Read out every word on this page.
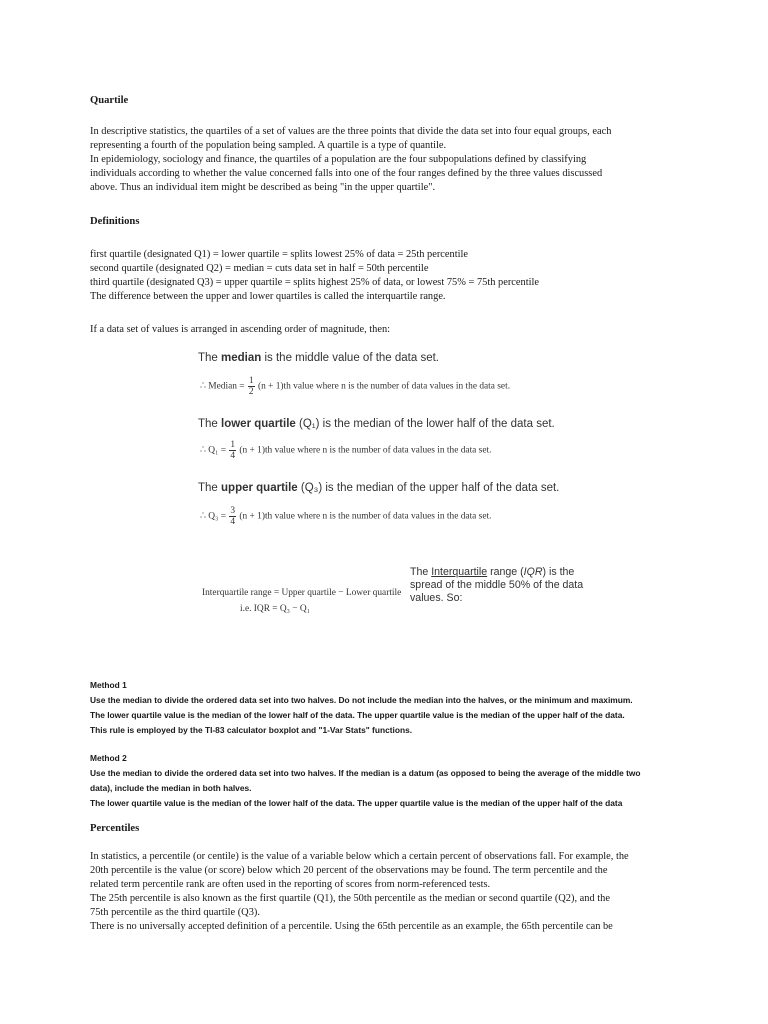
Quartile
In descriptive statistics, the quartiles of a set of values are the three points that divide the data set into four equal groups, each
representing a fourth of the population being sampled. A quartile is a type of quantile.
In epidemiology, sociology and finance, the quartiles of a population are the four subpopulations defined by classifying
individuals according to whether the value concerned falls into one of the four ranges defined by the three values discussed
above. Thus an individual item might be described as being "in the upper quartile".
Definitions
first quartile (designated Q1) = lower quartile = splits lowest 25% of data = 25th percentile
second quartile (designated Q2) = median = cuts data set in half = 50th percentile
third quartile (designated Q3) = upper quartile = splits highest 25% of data, or lowest 75% = 75th percentile
The difference between the upper and lower quartiles is called the interquartile range.
If a data set of values is arranged in ascending order of magnitude, then:
The median is the middle value of the data set.
∴ Median = $\frac{1}{2} (n + 1)th$ value where n is the number of data values in the data set.
The lower quartile (Q₁) is the median of the lower half of the data set.
∴ $Q_1 = \frac{1}{4} (n + 1)th$ value where n is the number of data values in the data set.
The upper quartile (Q₃) is the median of the upper half of the data set.
∴ $Q_3 = \frac{3}{4} (n + 1)th$ value where n is the number of data values in the data set.
Interquartile range = Upper quartile − Lower quartile
i.e. IQR = Q₃ − Q₁
The Interquartile range (IQR) is the
spread of the middle 50% of the data
values. So:
Method 1
Use the median to divide the ordered data set into two halves. Do not include the median into the halves, or the minimum and maximum.
The lower quartile value is the median of the lower half of the data. The upper quartile value is the median of the upper half of the data.
This rule is employed by the TI-83 calculator boxplot and "1-Var Stats" functions.
Method 2
Use the median to divide the ordered data set into two halves. If the median is a datum (as opposed to being the average of the middle two
data), include the median in both halves.
The lower quartile value is the median of the lower half of the data. The upper quartile value is the median of the upper half of the data
Percentiles
In statistics, a percentile (or centile) is the value of a variable below which a certain percent of observations fall. For example, the
20th percentile is the value (or score) below which 20 percent of the observations may be found. The term percentile and the
related term percentile rank are often used in the reporting of scores from norm-referenced tests.
The 25th percentile is also known as the first quartile (Q1), the 50th percentile as the median or second quartile (Q2), and the
75th percentile as the third quartile (Q3).
There is no universally accepted definition of a percentile. Using the 65th percentile as an example, the 65th percentile can be
